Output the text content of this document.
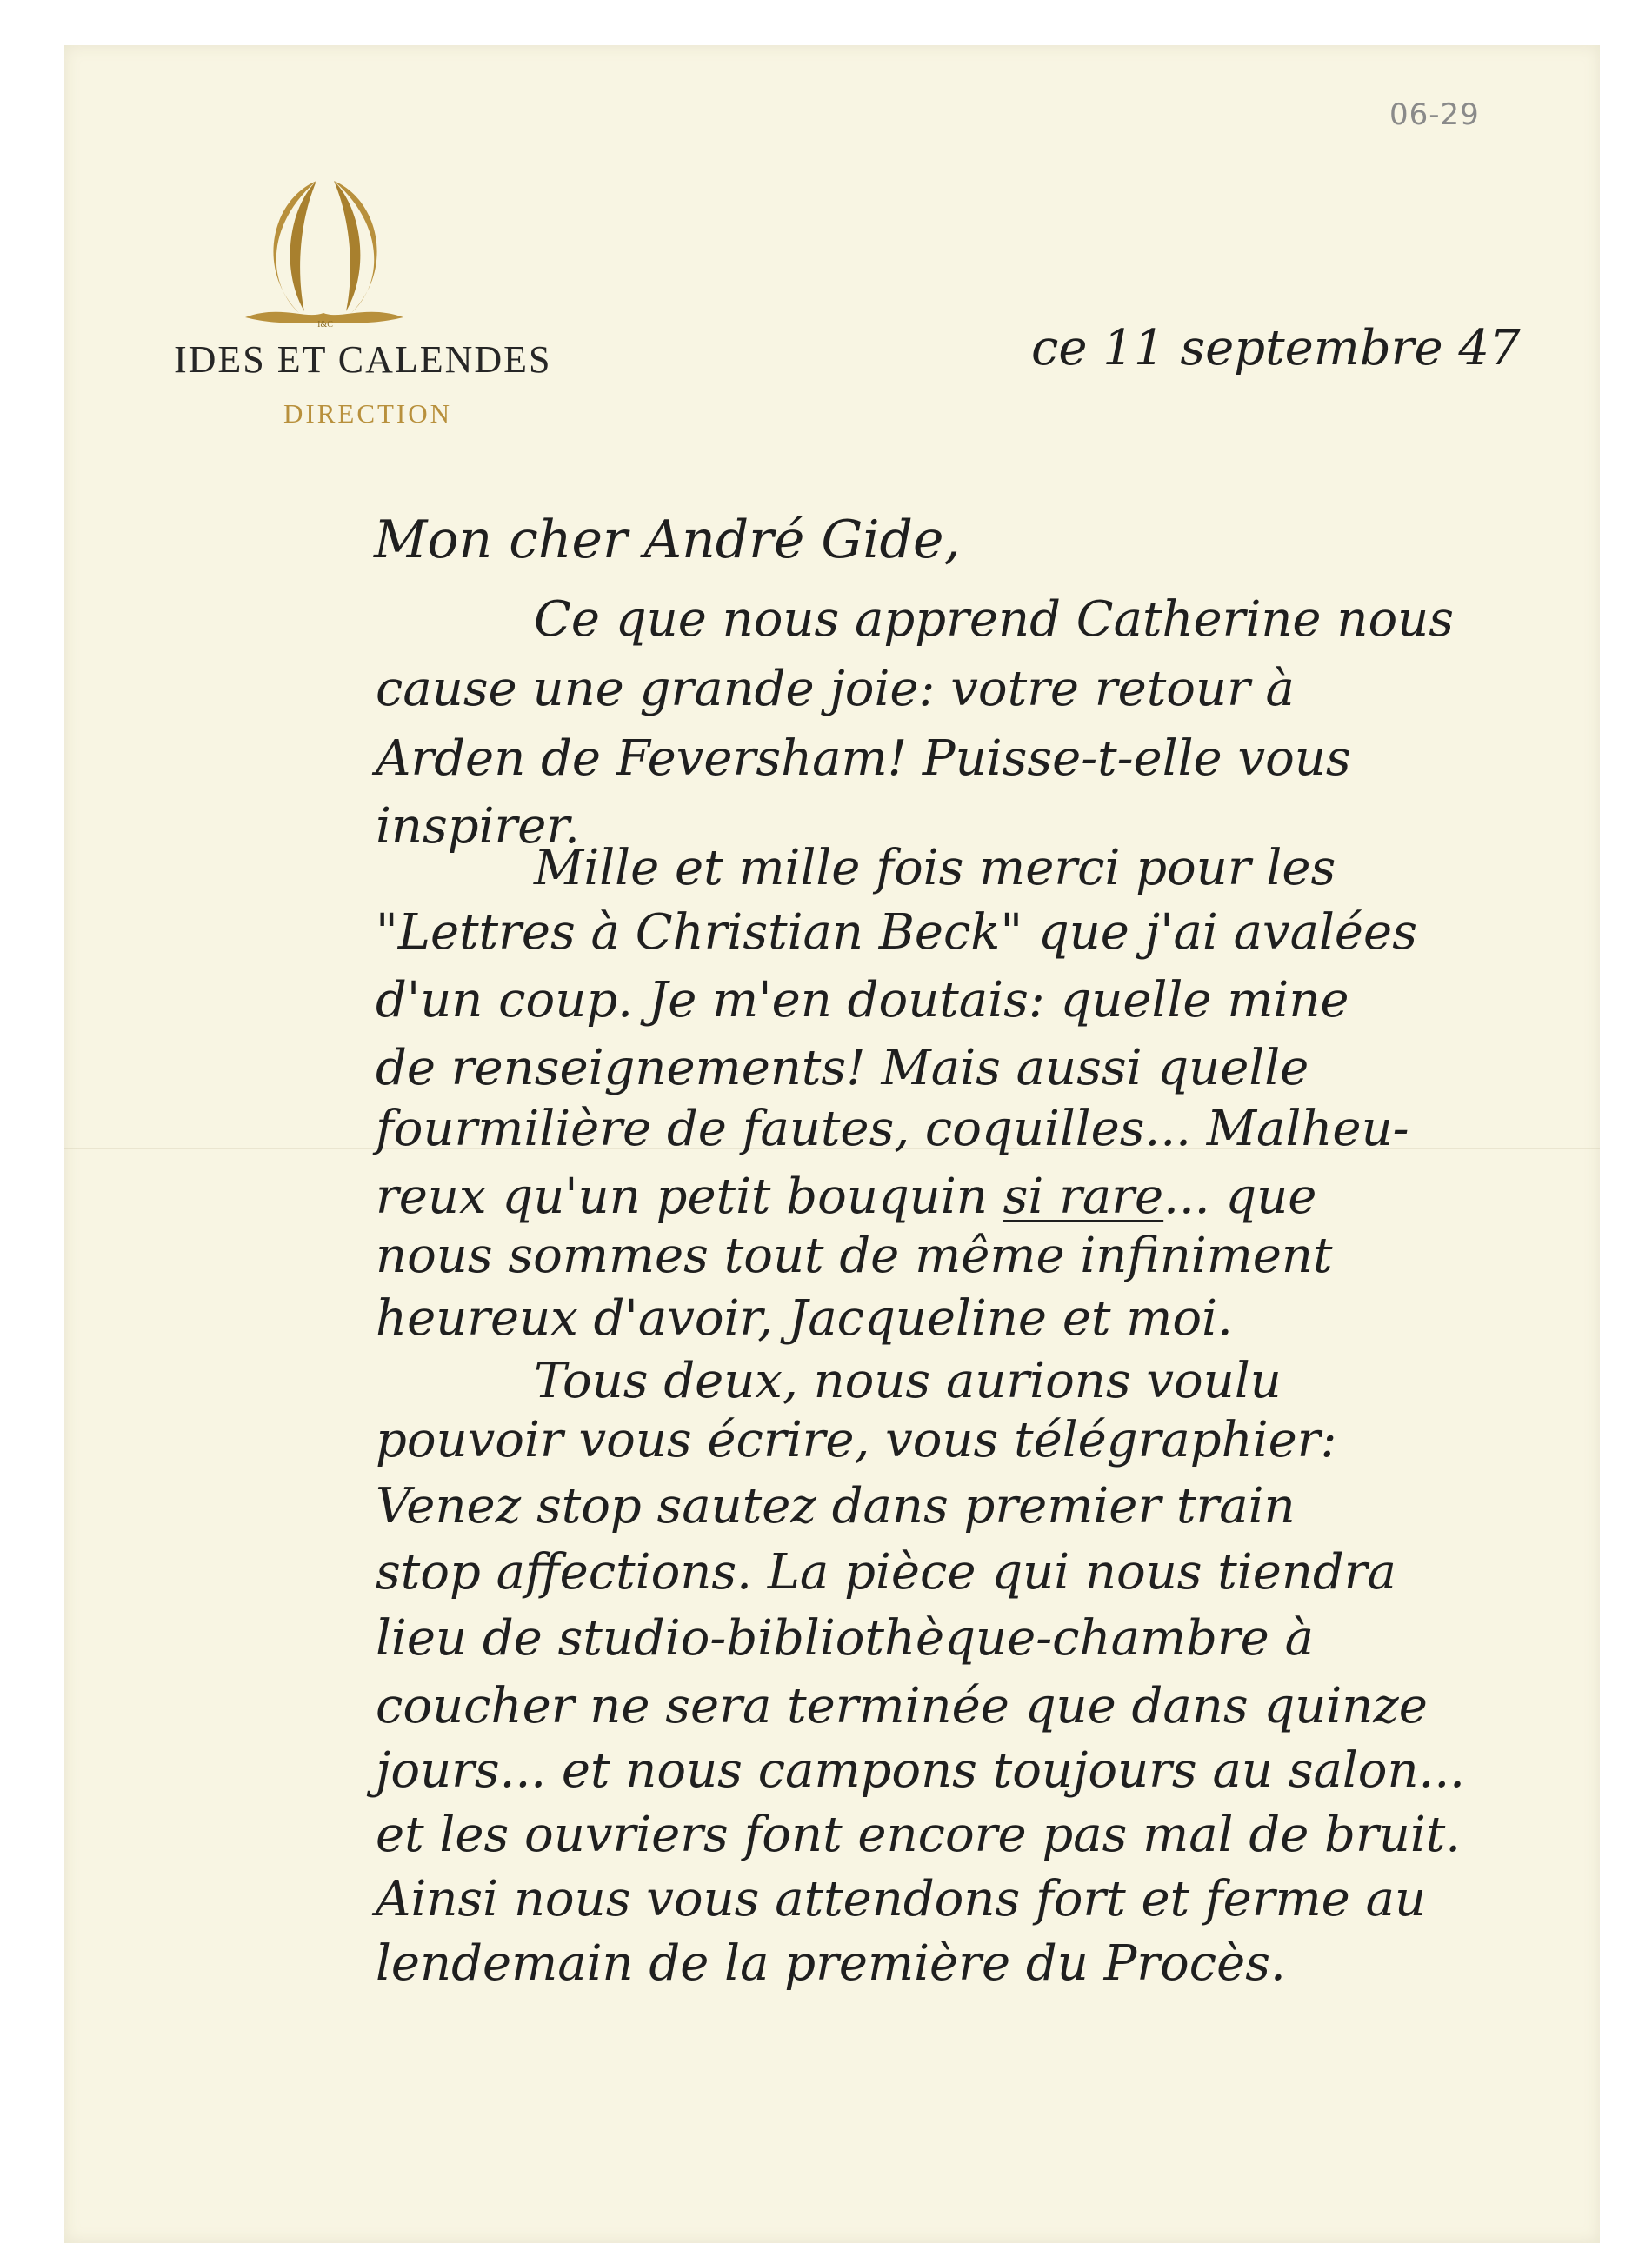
06-29
I&C
IDES ET CALENDES
DIRECTION
ce 11 septembre 47
Mon cher André Gide,
Ce que nous apprend Catherine nous
cause une grande joie: votre retour à
Arden de Feversham! Puisse-t-elle vous
inspirer.
Mille et mille fois merci pour les
"Lettres à Christian Beck" que j'ai avalées
d'un coup. Je m'en doutais: quelle mine
de renseignements! Mais aussi quelle
fourmilière de fautes, coquilles... Malheu-
reux qu'un petit bouquin si rare... que
nous sommes tout de même infiniment
heureux d'avoir, Jacqueline et moi.
Tous deux, nous aurions voulu
pouvoir vous écrire, vous télégraphier:
Venez stop sautez dans premier train
stop affections. La pièce qui nous tiendra
lieu de studio-bibliothèque-chambre à
coucher ne sera terminée que dans quinze
jours... et nous campons toujours au salon...
et les ouvriers font encore pas mal de bruit.
Ainsi nous vous attendons fort et ferme au
lendemain de la première du Procès.
